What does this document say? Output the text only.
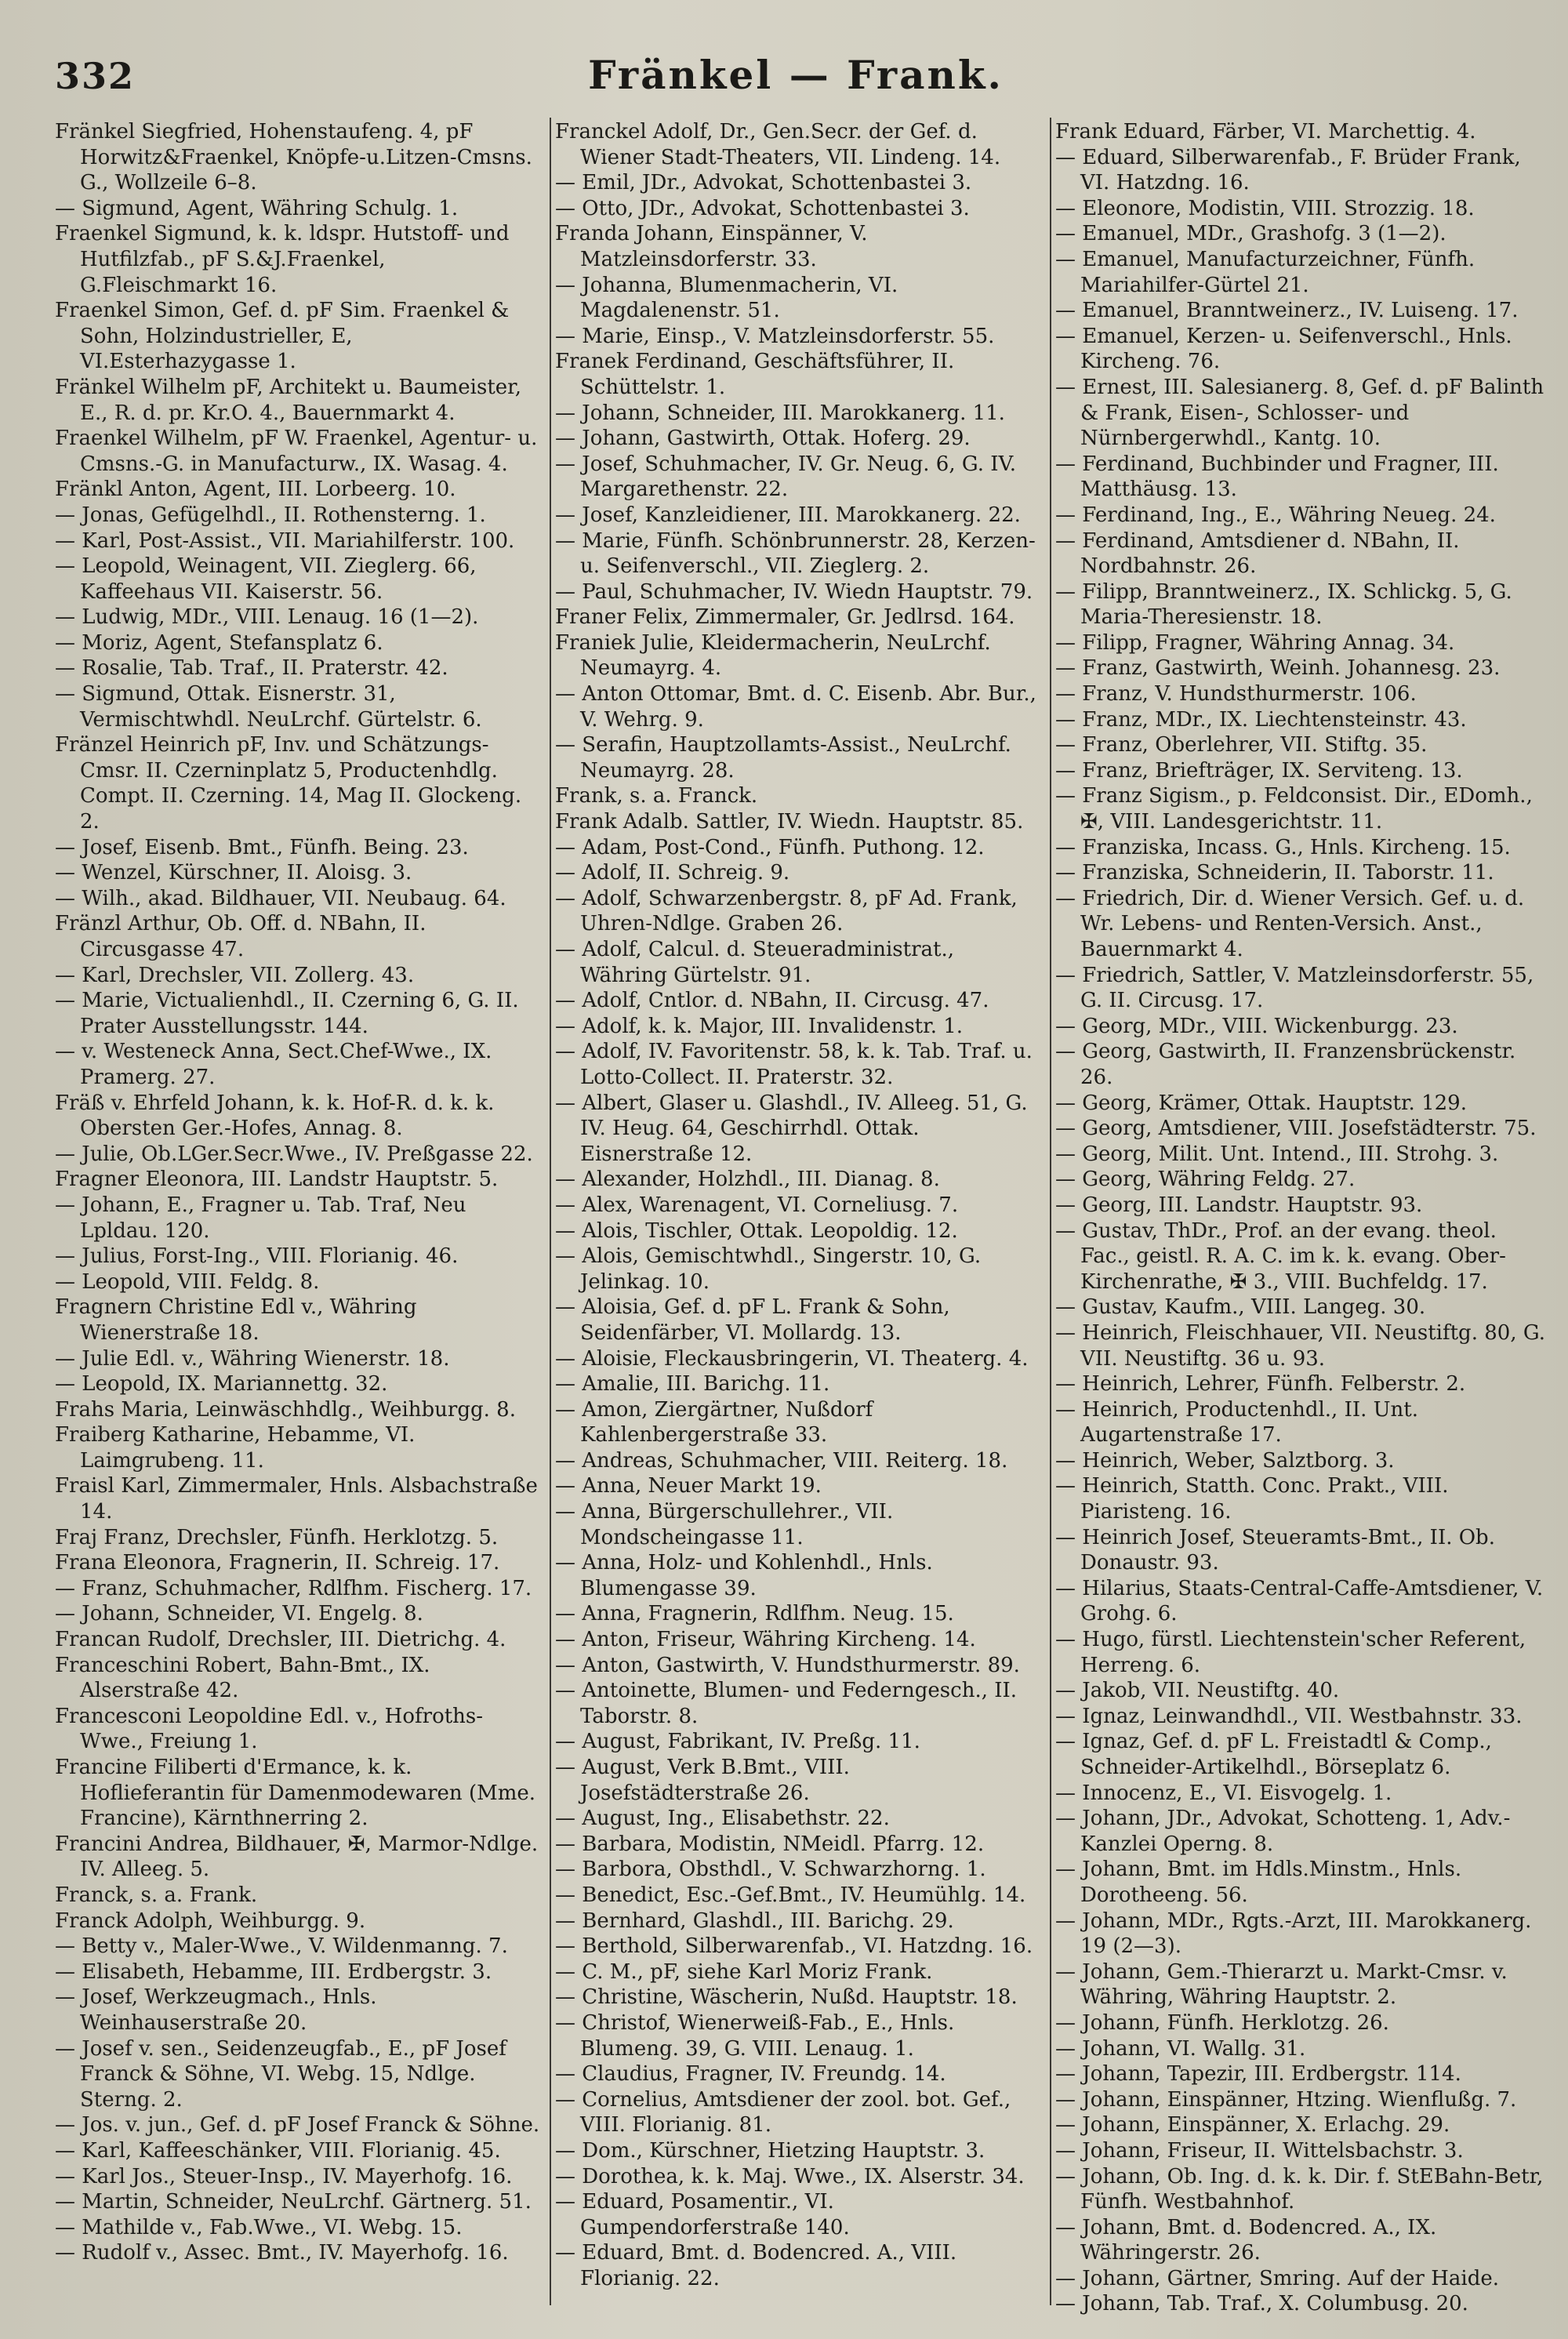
332	Fränkel — Frank.

Fränkel Siegfried, Hohenstaufeng. 4, pF Horwitz&Fraenkel, Knöpfe-u.Litzen-Cmsns. G., Wollzeile 6–8.

— Sigmund, Agent, Währing Schulg. 1.

Fraenkel Sigmund, k. k. ldspr. Hutstoff- und Hutfilzfab., pF S.&J.Fraenkel, G.Fleischmarkt 16.

Fraenkel Simon, Gef. d. pF Sim. Fraenkel & Sohn, Holzindustrieller, E, VI.Esterhazygasse 1.

Fränkel Wilhelm pF, Architekt u. Baumeister, E., R. d. pr. Kr.O. 4., Bauernmarkt 4.

Fraenkel Wilhelm, pF W. Fraenkel, Agentur- u. Cmsns.-G. in Manufacturw., IX. Wasag. 4.

Fränkl Anton, Agent, III. Lorbeerg. 10.

— Jonas, Gefügelhdl., II. Rothensterng. 1.

— Karl, Post-Assist., VII. Mariahilferstr. 100.

— Leopold, Weinagent, VII. Zieglerg. 66, Kaffeehaus VII. Kaiserstr. 56.

— Ludwig, MDr., VIII. Lenaug. 16 (1—2).

— Moriz, Agent, Stefansplatz 6.

— Rosalie, Tab. Traf., II. Praterstr. 42.

— Sigmund, Ottak. Eisnerstr. 31, Vermischtwhdl. NeuLrchf. Gürtelstr. 6.

Fränzel Heinrich pF, Inv. und Schätzungs-Cmsr. II. Czerninplatz 5, Productenhdlg. Compt. II. Czerning. 14, Mag II. Glockeng. 2.

— Josef, Eisenb. Bmt., Fünfh. Being. 23.

— Wenzel, Kürschner, II. Aloisg. 3.

— Wilh., akad. Bildhauer, VII. Neubaug. 64.

Fränzl Arthur, Ob. Off. d. NBahn, II. Circusgasse 47.

— Karl, Drechsler, VII. Zollerg. 43.

— Marie, Victualienhdl., II. Czerning 6, G. II. Prater Ausstellungsstr. 144.

— v. Westeneck Anna, Sect.Chef-Wwe., IX. Pramerg. 27.

Fräß v. Ehrfeld Johann, k. k. Hof-R. d. k. k. Obersten Ger.-Hofes, Annag. 8.

— Julie, Ob.LGer.Secr.Wwe., IV. Preßgasse 22.

Fragner Eleonora, III. Landstr Hauptstr. 5.

— Johann, E., Fragner u. Tab. Traf, Neu Lpldau. 120.

— Julius, Forst-Ing., VIII. Florianig. 46.

— Leopold, VIII. Feldg. 8.

Fragnern Christine Edl v., Währing Wienerstraße 18.

— Julie Edl. v., Währing Wienerstr. 18.

— Leopold, IX. Mariannettg. 32.

Frahs Maria, Leinwäschhdlg., Weihburgg. 8.

Fraiberg Katharine, Hebamme, VI. Laimgrubeng. 11.

Fraisl Karl, Zimmermaler, Hnls. Alsbachstraße 14.

Fraj Franz, Drechsler, Fünfh. Herklotzg. 5.

Frana Eleonora, Fragnerin, II. Schreig. 17.

— Franz, Schuhmacher, Rdlfhm. Fischerg. 17.

— Johann, Schneider, VI. Engelg. 8.

Francan Rudolf, Drechsler, III. Dietrichg. 4.

Franceschini Robert, Bahn-Bmt., IX. Alserstraße 42.

Francesconi Leopoldine Edl. v., Hofroths-Wwe., Freiung 1.

Francine Filiberti d'Ermance, k. k. Hoflieferantin für Damenmodewaren (Mme. Francine), Kärnthnerring 2.

Francini Andrea, Bildhauer, ✠, Marmor-Ndlge. IV. Alleeg. 5.

Franck, s. a. Frank.

Franck Adolph, Weihburgg. 9.

— Betty v., Maler-Wwe., V. Wildenmanng. 7.

— Elisabeth, Hebamme, III. Erdbergstr. 3.

— Josef, Werkzeugmach., Hnls. Weinhauserstraße 20.

— Josef v. sen., Seidenzeugfab., E., pF Josef Franck & Söhne, VI. Webg. 15, Ndlge. Sterng. 2.

— Jos. v. jun., Gef. d. pF Josef Franck & Söhne.

— Karl, Kaffeeschänker, VIII. Florianig. 45.

— Karl Jos., Steuer-Insp., IV. Mayerhofg. 16.

— Martin, Schneider, NeuLrchf. Gärtnerg. 51.

— Mathilde v., Fab.Wwe., VI. Webg. 15.

— Rudolf v., Assec. Bmt., IV. Mayerhofg. 16.

Franckel Adolf, Dr., Gen.Secr. der Gef. d. Wiener Stadt-Theaters, VII. Lindeng. 14.

— Emil, JDr., Advokat, Schottenbastei 3.

— Otto, JDr., Advokat, Schottenbastei 3.

Franda Johann, Einspänner, V. Matzleinsdorferstr. 33.

— Johanna, Blumenmacherin, VI. Magdalenenstr. 51.

— Marie, Einsp., V. Matzleinsdorferstr. 55.

Franek Ferdinand, Geschäftsführer, II. Schüttelstr. 1.

— Johann, Schneider, III. Marokkanerg. 11.

— Johann, Gastwirth, Ottak. Hoferg. 29.

— Josef, Schuhmacher, IV. Gr. Neug. 6, G. IV. Margarethenstr. 22.

— Josef, Kanzleidiener, III. Marokkanerg. 22.

— Marie, Fünfh. Schönbrunnerstr. 28, Kerzen- u. Seifenverschl., VII. Zieglerg. 2.

— Paul, Schuhmacher, IV. Wiedn Hauptstr. 79.

Franer Felix, Zimmermaler, Gr. Jedlrsd. 164.

Franiek Julie, Kleidermacherin, NeuLrchf. Neumayrg. 4.

— Anton Ottomar, Bmt. d. C. Eisenb. Abr. Bur., V. Wehrg. 9.

— Serafin, Hauptzollamts-Assist., NeuLrchf. Neumayrg. 28.

Frank, s. a. Franck.

Frank Adalb. Sattler, IV. Wiedn. Hauptstr. 85.

— Adam, Post-Cond., Fünfh. Puthong. 12.

— Adolf, II. Schreig. 9.

— Adolf, Schwarzenbergstr. 8, pF Ad. Frank, Uhren-Ndlge. Graben 26.

— Adolf, Calcul. d. Steueradministrat., Währing Gürtelstr. 91.

— Adolf, Cntlor. d. NBahn, II. Circusg. 47.

— Adolf, k. k. Major, III. Invalidenstr. 1.

— Adolf, IV. Favoritenstr. 58, k. k. Tab. Traf. u. Lotto-Collect. II. Praterstr. 32.

— Albert, Glaser u. Glashdl., IV. Alleeg. 51, G. IV. Heug. 64, Geschirrhdl. Ottak. Eisnerstraße 12.

— Alexander, Holzhdl., III. Dianag. 8.

— Alex, Warenagent, VI. Corneliusg. 7.

— Alois, Tischler, Ottak. Leopoldig. 12.

— Alois, Gemischtwhdl., Singerstr. 10, G. Jelinkag. 10.

— Aloisia, Gef. d. pF L. Frank & Sohn, Seidenfärber, VI. Mollardg. 13.

— Aloisie, Fleckausbringerin, VI. Theaterg. 4.

— Amalie, III. Barichg. 11.

— Amon, Ziergärtner, Nußdorf Kahlenbergerstraße 33.

— Andreas, Schuhmacher, VIII. Reiterg. 18.

— Anna, Neuer Markt 19.

— Anna, Bürgerschullehrer., VII. Mondscheingasse 11.

— Anna, Holz- und Kohlenhdl., Hnls. Blumengasse 39.

— Anna, Fragnerin, Rdlfhm. Neug. 15.

— Anton, Friseur, Währing Kircheng. 14.

— Anton, Gastwirth, V. Hundsthurmerstr. 89.

— Antoinette, Blumen- und Federngesch., II. Taborstr. 8.

— August, Fabrikant, IV. Preßg. 11.

— August, Verk B.Bmt., VIII. Josefstädterstraße 26.

— August, Ing., Elisabethstr. 22.

— Barbara, Modistin, NMeidl. Pfarrg. 12.

— Barbora, Obsthdl., V. Schwarzhorng. 1.

— Benedict, Esc.-Gef.Bmt., IV. Heumühlg. 14.

— Bernhard, Glashdl., III. Barichg. 29.

— Berthold, Silberwarenfab., VI. Hatzdng. 16.

— C. M., pF, siehe Karl Moriz Frank.

— Christine, Wäscherin, Nußd. Hauptstr. 18.

— Christof, Wienerweiß-Fab., E., Hnls. Blumeng. 39, G. VIII. Lenaug. 1.

— Claudius, Fragner, IV. Freundg. 14.

— Cornelius, Amtsdiener der zool. bot. Gef., VIII. Florianig. 81.

— Dom., Kürschner, Hietzing Hauptstr. 3.

— Dorothea, k. k. Maj. Wwe., IX. Alserstr. 34.

— Eduard, Posamentir., VI. Gumpendorferstraße 140.

— Eduard, Bmt. d. Bodencred. A., VIII. Florianig. 22.

Frank Eduard, Färber, VI. Marchettig. 4.

— Eduard, Silberwarenfab., F. Brüder Frank, VI. Hatzdng. 16.

— Eleonore, Modistin, VIII. Strozzig. 18.

— Emanuel, MDr., Grashofg. 3 (1—2).

— Emanuel, Manufacturzeichner, Fünfh. Mariahilfer-Gürtel 21.

— Emanuel, Branntweinerz., IV. Luiseng. 17.

— Emanuel, Kerzen- u. Seifenverschl., Hnls. Kircheng. 76.

— Ernest, III. Salesianerg. 8, Gef. d. pF Balinth & Frank, Eisen-, Schlosser- und Nürnbergerwhdl., Kantg. 10.

— Ferdinand, Buchbinder und Fragner, III. Matthäusg. 13.

— Ferdinand, Ing., E., Währing Neueg. 24.

— Ferdinand, Amtsdiener d. NBahn, II. Nordbahnstr. 26.

— Filipp, Branntweinerz., IX. Schlickg. 5, G. Maria-Theresienstr. 18.

— Filipp, Fragner, Währing Annag. 34.

— Franz, Gastwirth, Weinh. Johannesg. 23.

— Franz, V. Hundsthurmerstr. 106.

— Franz, MDr., IX. Liechtensteinstr. 43.

— Franz, Oberlehrer, VII. Stiftg. 35.

— Franz, Briefträger, IX. Serviteng. 13.

— Franz Sigism., p. Feldconsist. Dir., EDomh., ✠, VIII. Landesgerichtstr. 11.

— Franziska, Incass. G., Hnls. Kircheng. 15.

— Franziska, Schneiderin, II. Taborstr. 11.

— Friedrich, Dir. d. Wiener Versich. Gef. u. d. Wr. Lebens- und Renten-Versich. Anst., Bauernmarkt 4.

— Friedrich, Sattler, V. Matzleinsdorferstr. 55, G. II. Circusg. 17.

— Georg, MDr., VIII. Wickenburgg. 23.

— Georg, Gastwirth, II. Franzensbrückenstr. 26.

— Georg, Krämer, Ottak. Hauptstr. 129.

— Georg, Amtsdiener, VIII. Josefstädterstr. 75.

— Georg, Milit. Unt. Intend., III. Strohg. 3.

— Georg, Währing Feldg. 27.

— Georg, III. Landstr. Hauptstr. 93.

— Gustav, ThDr., Prof. an der evang. theol. Fac., geistl. R. A. C. im k. k. evang. Ober-Kirchenrathe, ✠ 3., VIII. Buchfeldg. 17.

— Gustav, Kaufm., VIII. Langeg. 30.

— Heinrich, Fleischhauer, VII. Neustiftg. 80, G. VII. Neustiftg. 36 u. 93.

— Heinrich, Lehrer, Fünfh. Felberstr. 2.

— Heinrich, Productenhdl., II. Unt. Augartenstraße 17.

— Heinrich, Weber, Salztborg. 3.

— Heinrich, Statth. Conc. Prakt., VIII. Piaristeng. 16.

— Heinrich Josef, Steueramts-Bmt., II. Ob. Donaustr. 93.

— Hilarius, Staats-Central-Caffe-Amtsdiener, V. Grohg. 6.

— Hugo, fürstl. Liechtenstein'scher Referent, Herreng. 6.

— Jakob, VII. Neustiftg. 40.

— Ignaz, Leinwandhdl., VII. Westbahnstr. 33.

— Ignaz, Gef. d. pF L. Freistadtl & Comp., Schneider-Artikelhdl., Börseplatz 6.

— Innocenz, E., VI. Eisvogelg. 1.

— Johann, JDr., Advokat, Schotteng. 1, Adv.-Kanzlei Operng. 8.

— Johann, Bmt. im Hdls.Minstm., Hnls. Dorotheeng. 56.

— Johann, MDr., Rgts.-Arzt, III. Marokkanerg. 19 (2—3).

— Johann, Gem.-Thierarzt u. Markt-Cmsr. v. Währing, Währing Hauptstr. 2.

— Johann, Fünfh. Herklotzg. 26.

— Johann, VI. Wallg. 31.

— Johann, Tapezir, III. Erdbergstr. 114.

— Johann, Einspänner, Htzing. Wienflußg. 7.

— Johann, Einspänner, X. Erlachg. 29.

— Johann, Friseur, II. Wittelsbachstr. 3.

— Johann, Ob. Ing. d. k. k. Dir. f. StEBahn-Betr, Fünfh. Westbahnhof.

— Johann, Bmt. d. Bodencred. A., IX. Währingerstr. 26.

— Johann, Gärtner, Smring. Auf der Haide.

— Johann, Tab. Traf., X. Columbusg. 20.
